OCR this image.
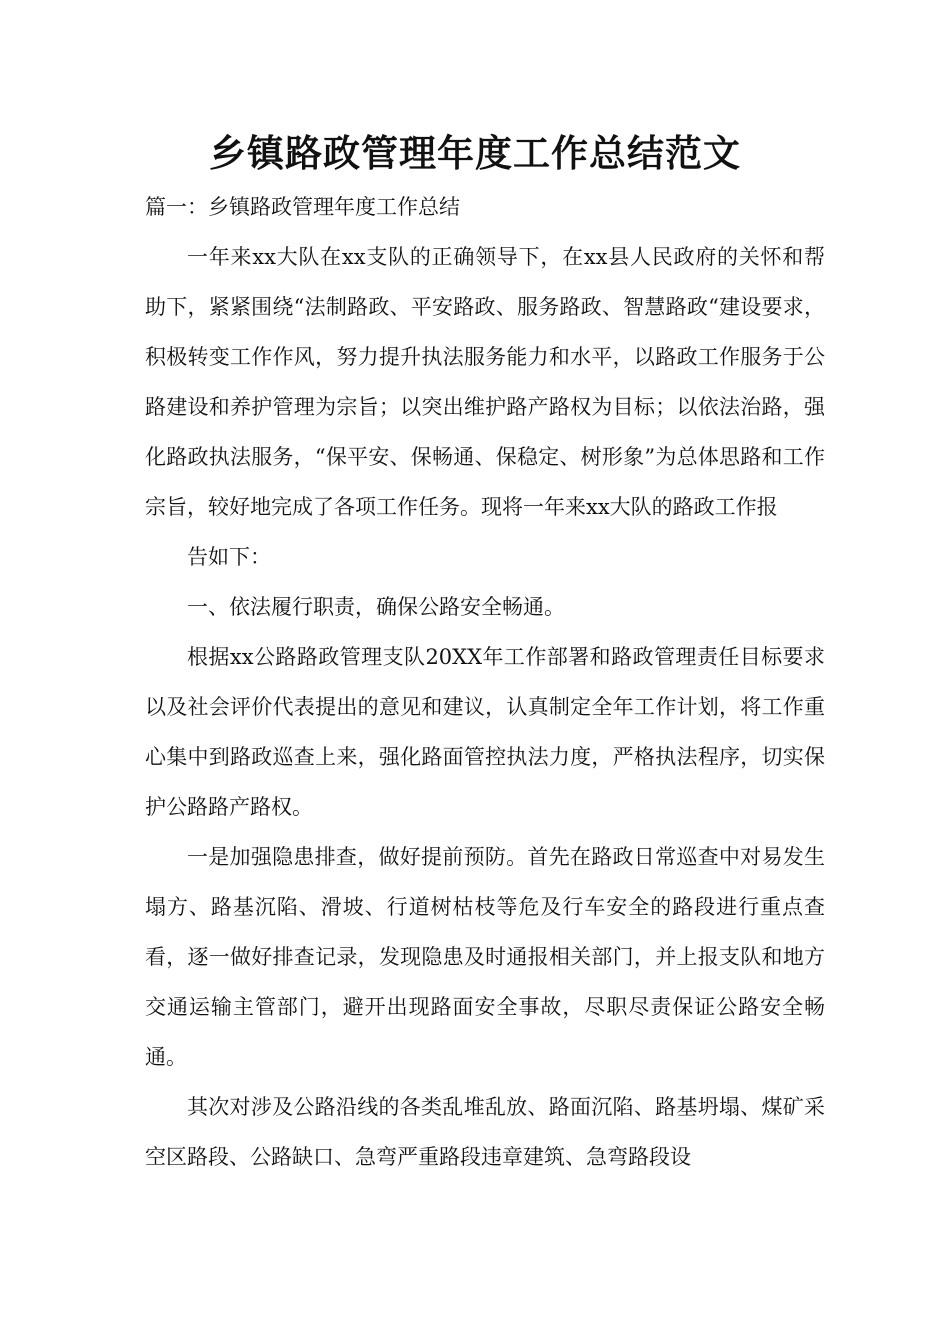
乡镇路政管理年度工作总结范文

篇一：乡镇路政管理年度工作总结

一年来xx大队在xx支队的正确领导下，在xx县人民政府的关怀和帮助下，紧紧围绕“法制路政、平安路政、服务路政、智慧路政“建设要求，积极转变工作作风，努力提升执法服务能力和水平，以路政工作服务于公路建设和养护管理为宗旨；以突出维护路产路权为目标；以依法治路，强化路政执法服务，“保平安、保畅通、保稳定、树形象”为总体思路和工作宗旨，较好地完成了各项工作任务。现将一年来xx大队的路政工作报

告如下：

一、依法履行职责，确保公路安全畅通。

根据xx公路路政管理支队20XX年工作部署和路政管理责任目标要求以及社会评价代表提出的意见和建议，认真制定全年工作计划，将工作重心集中到路政巡查上来，强化路面管控执法力度，严格执法程序，切实保护公路路产路权。

一是加强隐患排查，做好提前预防。首先在路政日常巡查中对易发生塌方、路基沉陷、滑坡、行道树枯枝等危及行车安全的路段进行重点查看，逐一做好排查记录，发现隐患及时通报相关部门，并上报支队和地方交通运输主管部门，避开出现路面安全事故，尽职尽责保证公路安全畅通。

其次对涉及公路沿线的各类乱堆乱放、路面沉陷、路基坍塌、煤矿采空区路段、公路缺口、急弯严重路段违章建筑、急弯路段设
